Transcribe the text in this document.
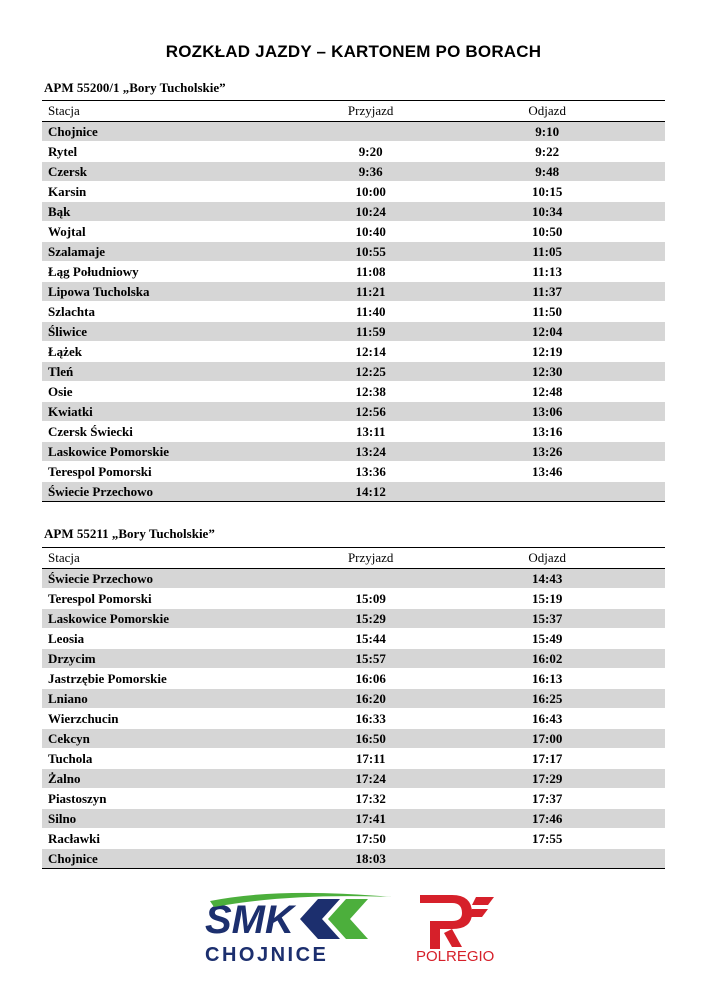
ROZKŁAD JAZDY – KARTONEM PO BORACH
APM 55200/1 „Bory Tucholskie”
Stacja	Przyjazd	Odjazd
Chojnice		9:10
Rytel	9:20	9:22
Czersk	9:36	9:48
Karsin	10:00	10:15
Bąk	10:24	10:34
Wojtal	10:40	10:50
Szalamaje	10:55	11:05
Łąg Południowy	11:08	11:13
Lipowa Tucholska	11:21	11:37
Szlachta	11:40	11:50
Śliwice	11:59	12:04
Łążek	12:14	12:19
Tleń	12:25	12:30
Osie	12:38	12:48
Kwiatki	12:56	13:06
Czersk Świecki	13:11	13:16
Laskowice Pomorskie	13:24	13:26
Terespol Pomorski	13:36	13:46
Świecie Przechowo	14:12	
APM 55211 „Bory Tucholskie”
Stacja	Przyjazd	Odjazd
Świecie Przechowo		14:43
Terespol Pomorski	15:09	15:19
Laskowice Pomorskie	15:29	15:37
Leosia	15:44	15:49
Drzycim	15:57	16:02
Jastrzębie Pomorskie	16:06	16:13
Lniano	16:20	16:25
Wierzchucin	16:33	16:43
Cekcyn	16:50	17:00
Tuchola	17:11	17:17
Żalno	17:24	17:29
Piastoszyn	17:32	17:37
Silno	17:41	17:46
Racławki	17:50	17:55
Chojnice	18:03	
SMK
CHOJNICE	POLREGIO
